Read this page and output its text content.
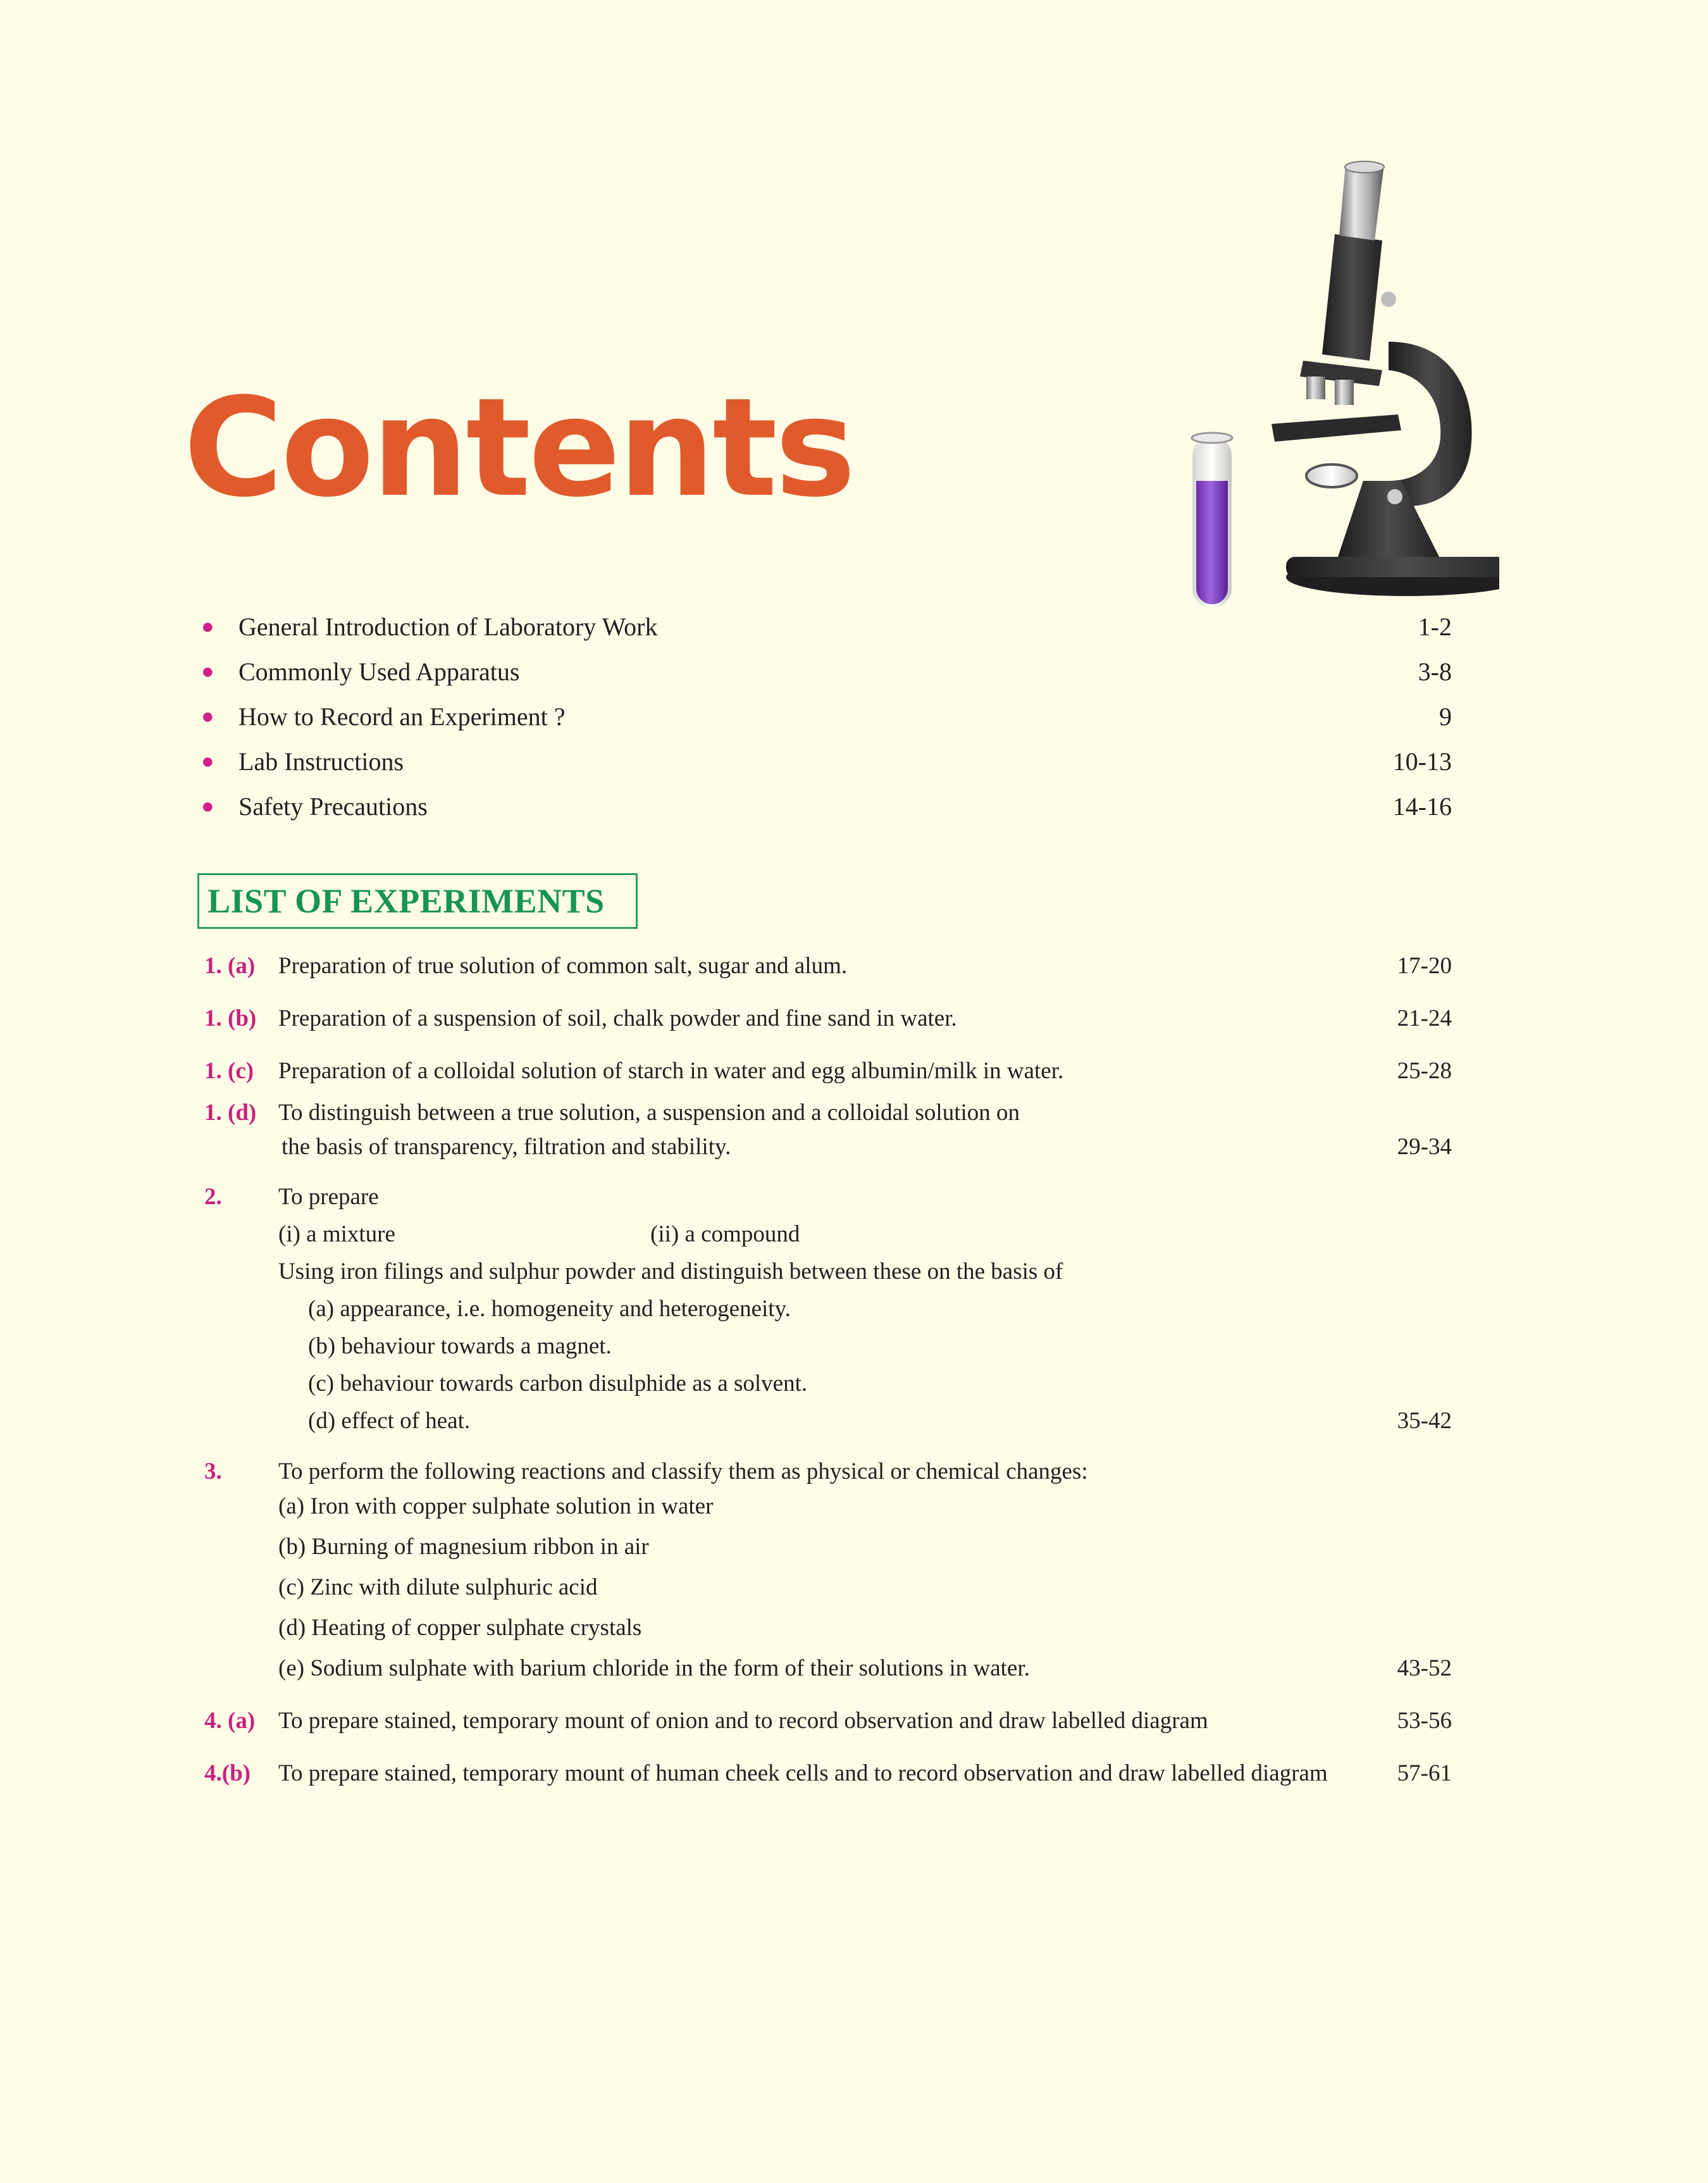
Contents
● General Introduction of Laboratory Work	1-2
● Commonly Used Apparatus	3-8
● How to Record an Experiment ?	9
● Lab Instructions	10-13
● Safety Precautions	14-16
LIST OF EXPERIMENTS
1. (a) Preparation of true solution of common salt, sugar and alum.	17-20
1. (b) Preparation of a suspension of soil, chalk powder and fine sand in water.	21-24
1. (c) Preparation of a colloidal solution of starch in water and egg albumin/milk in water.	25-28
1. (d) To distinguish between a true solution, a suspension and a colloidal solution on
the basis of transparency, filtration and stability.	29-34
2. To prepare
(i) a mixture	(ii) a compound
Using iron filings and sulphur powder and distinguish between these on the basis of
(a) appearance, i.e. homogeneity and heterogeneity.
(b) behaviour towards a magnet.
(c) behaviour towards carbon disulphide as a solvent.
(d) effect of heat.	35-42
3. To perform the following reactions and classify them as physical or chemical changes:
(a) Iron with copper sulphate solution in water
(b) Burning of magnesium ribbon in air
(c) Zinc with dilute sulphuric acid
(d) Heating of copper sulphate crystals
(e) Sodium sulphate with barium chloride in the form of their solutions in water.	43-52
4. (a) To prepare stained, temporary mount of onion and to record observation and draw labelled diagram	53-56
4.(b) To prepare stained, temporary mount of human cheek cells and to record observation and draw labelled diagram	57-61
